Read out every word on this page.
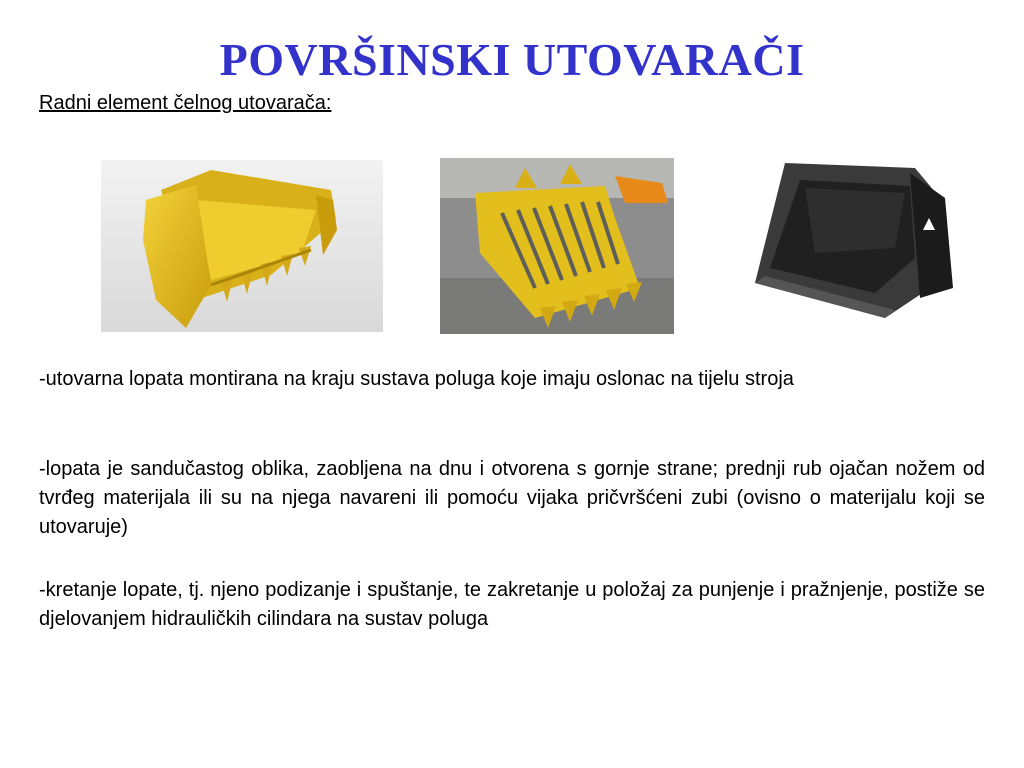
POVRŠINSKI UTOVARAČI
Radni element čelnog utovarača:

-utovarna lopata montirana na kraju sustava poluga koje imaju oslonac na tijelu stroja

-lopata je sandučastog oblika, zaobljena na dnu i otvorena s gornje strane; prednji rub ojačan nožem od tvrđeg materijala ili su na njega navareni ili pomoću vijaka pričvršćeni zubi (ovisno o materijalu koji se utovaruje)

-kretanje lopate, tj. njeno podizanje i spuštanje, te zakretanje u položaj za punjenje i pražnjenje, postiže se djelovanjem hidrauličkih cilindara na sustav poluga
